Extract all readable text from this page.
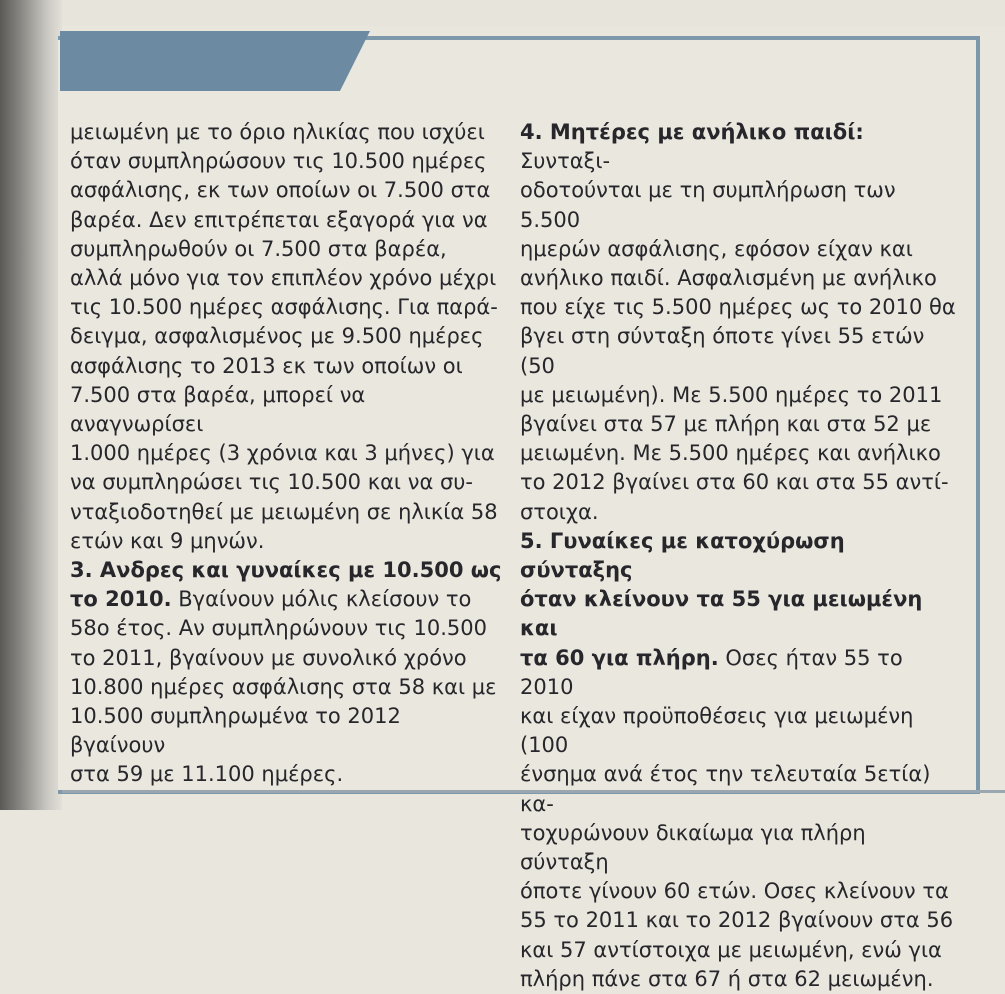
μειωμένη με το όριο ηλικίας που ισχύει

όταν συμπληρώσουν τις 10.500 ημέρες

ασφάλισης, εκ των οποίων οι 7.500 στα

βαρέα. Δεν επιτρέπεται εξαγορά για να

συμπληρωθούν οι 7.500 στα βαρέα,

αλλά μόνο για τον επιπλέον χρόνο μέχρι

τις 10.500 ημέρες ασφάλισης. Για παρά-

δειγμα, ασφαλισμένος με 9.500 ημέρες

ασφάλισης το 2013 εκ των οποίων οι

7.500 στα βαρέα, μπορεί να αναγνωρίσει

1.000 ημέρες (3 χρόνια και 3 μήνες) για

να συμπληρώσει τις 10.500 και να συ-

νταξιοδοτηθεί με μειωμένη σε ηλικία 58

ετών και 9 μηνών.

3. Ανδρες και γυναίκες με 10.500 ως

το 2010. Βγαίνουν μόλις κλείσουν το

58ο έτος. Αν συμπληρώνουν τις 10.500

το 2011, βγαίνουν με συνολικό χρόνο

10.800 ημέρες ασφάλισης στα 58 και με

10.500 συμπληρωμένα το 2012 βγαίνουν

στα 59 με 11.100 ημέρες.

4. Μητέρες με ανήλικο παιδί: Συνταξι-

οδοτούνται με τη συμπλήρωση των 5.500

ημερών ασφάλισης, εφόσον είχαν και

ανήλικο παιδί. Ασφαλισμένη με ανήλικο

που είχε τις 5.500 ημέρες ως το 2010 θα

βγει στη σύνταξη όποτε γίνει 55 ετών (50

με μειωμένη). Με 5.500 ημέρες το 2011

βγαίνει στα 57 με πλήρη και στα 52 με

μειωμένη. Με 5.500 ημέρες και ανήλικο

το 2012 βγαίνει στα 60 και στα 55 αντί-

στοιχα.

5. Γυναίκες με κατοχύρωση σύνταξης

όταν κλείνουν τα 55 για μειωμένη και

τα 60 για πλήρη. Οσες ήταν 55 το 2010

και είχαν προϋποθέσεις για μειωμένη (100

ένσημα ανά έτος την τελευταία 5ετία) κα-

τοχυρώνουν δικαίωμα για πλήρη σύνταξη

όποτε γίνουν 60 ετών. Οσες κλείνουν τα

55 το 2011 και το 2012 βγαίνουν στα 56

και 57 αντίστοιχα με μειωμένη, ενώ για

πλήρη πάνε στα 67 ή στα 62 μειωμένη.
